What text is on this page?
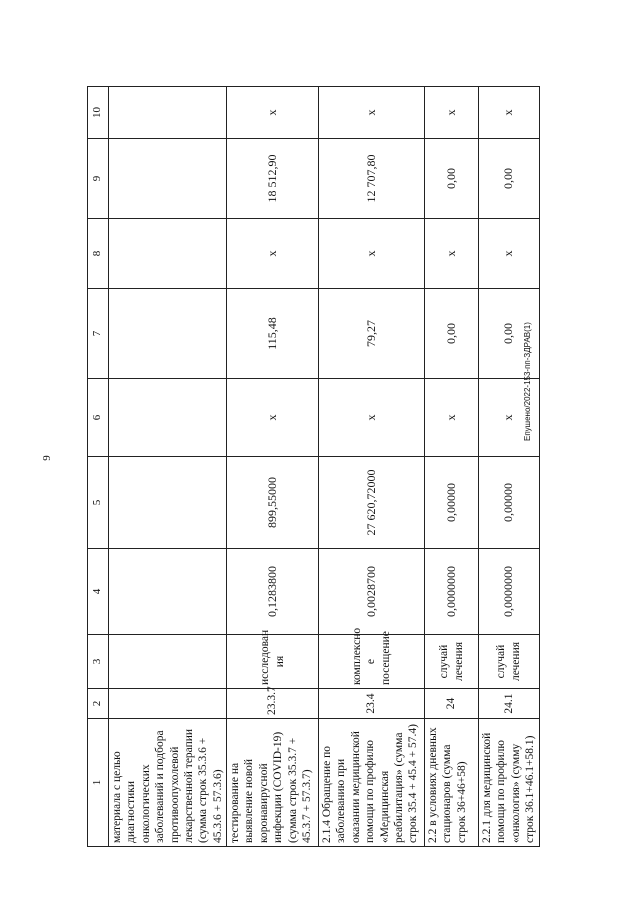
9
Епушено/2022-153-пп-ЗДРАВ(1)
1	2	3	4	5	6	7	8	9	10
материала с целью диагностики онкологических заболеваний и подбора противоопухолевой лекарственной терапии (сумма строк 35.3.6 + 45.3.6 + 57.3.6)									
тестирование на выявление новой коронавирусной инфекции (COVID-19) (сумма строк 35.3.7 + 45.3.7 + 57.3.7)	23.3.7	исследован ия	0,1283800	899,55000	x	115,48	x	18 512,90	x
2.1.4 Обращение по заболеванию при оказании медицинской помощи по профилю «Медицинская реабилитация» (сумма строк 35.4 + 45.4 + 57.4)	23.4	комплексно е посещение	0,0028700	27 620,72000	x	79,27	x	12 707,80	x
2.2 в условиях дневных стационаров (сумма строк 36+46+58)	24	случай лечения	0,0000000	0,00000	x	0,00	x	0,00	x
2.2.1 для медицинской помощи по профилю «онкология» (сумму строк 36.1+46.1+58.1)	24.1	случай лечения	0,0000000	0,00000	x	0,00	x	0,00	x
